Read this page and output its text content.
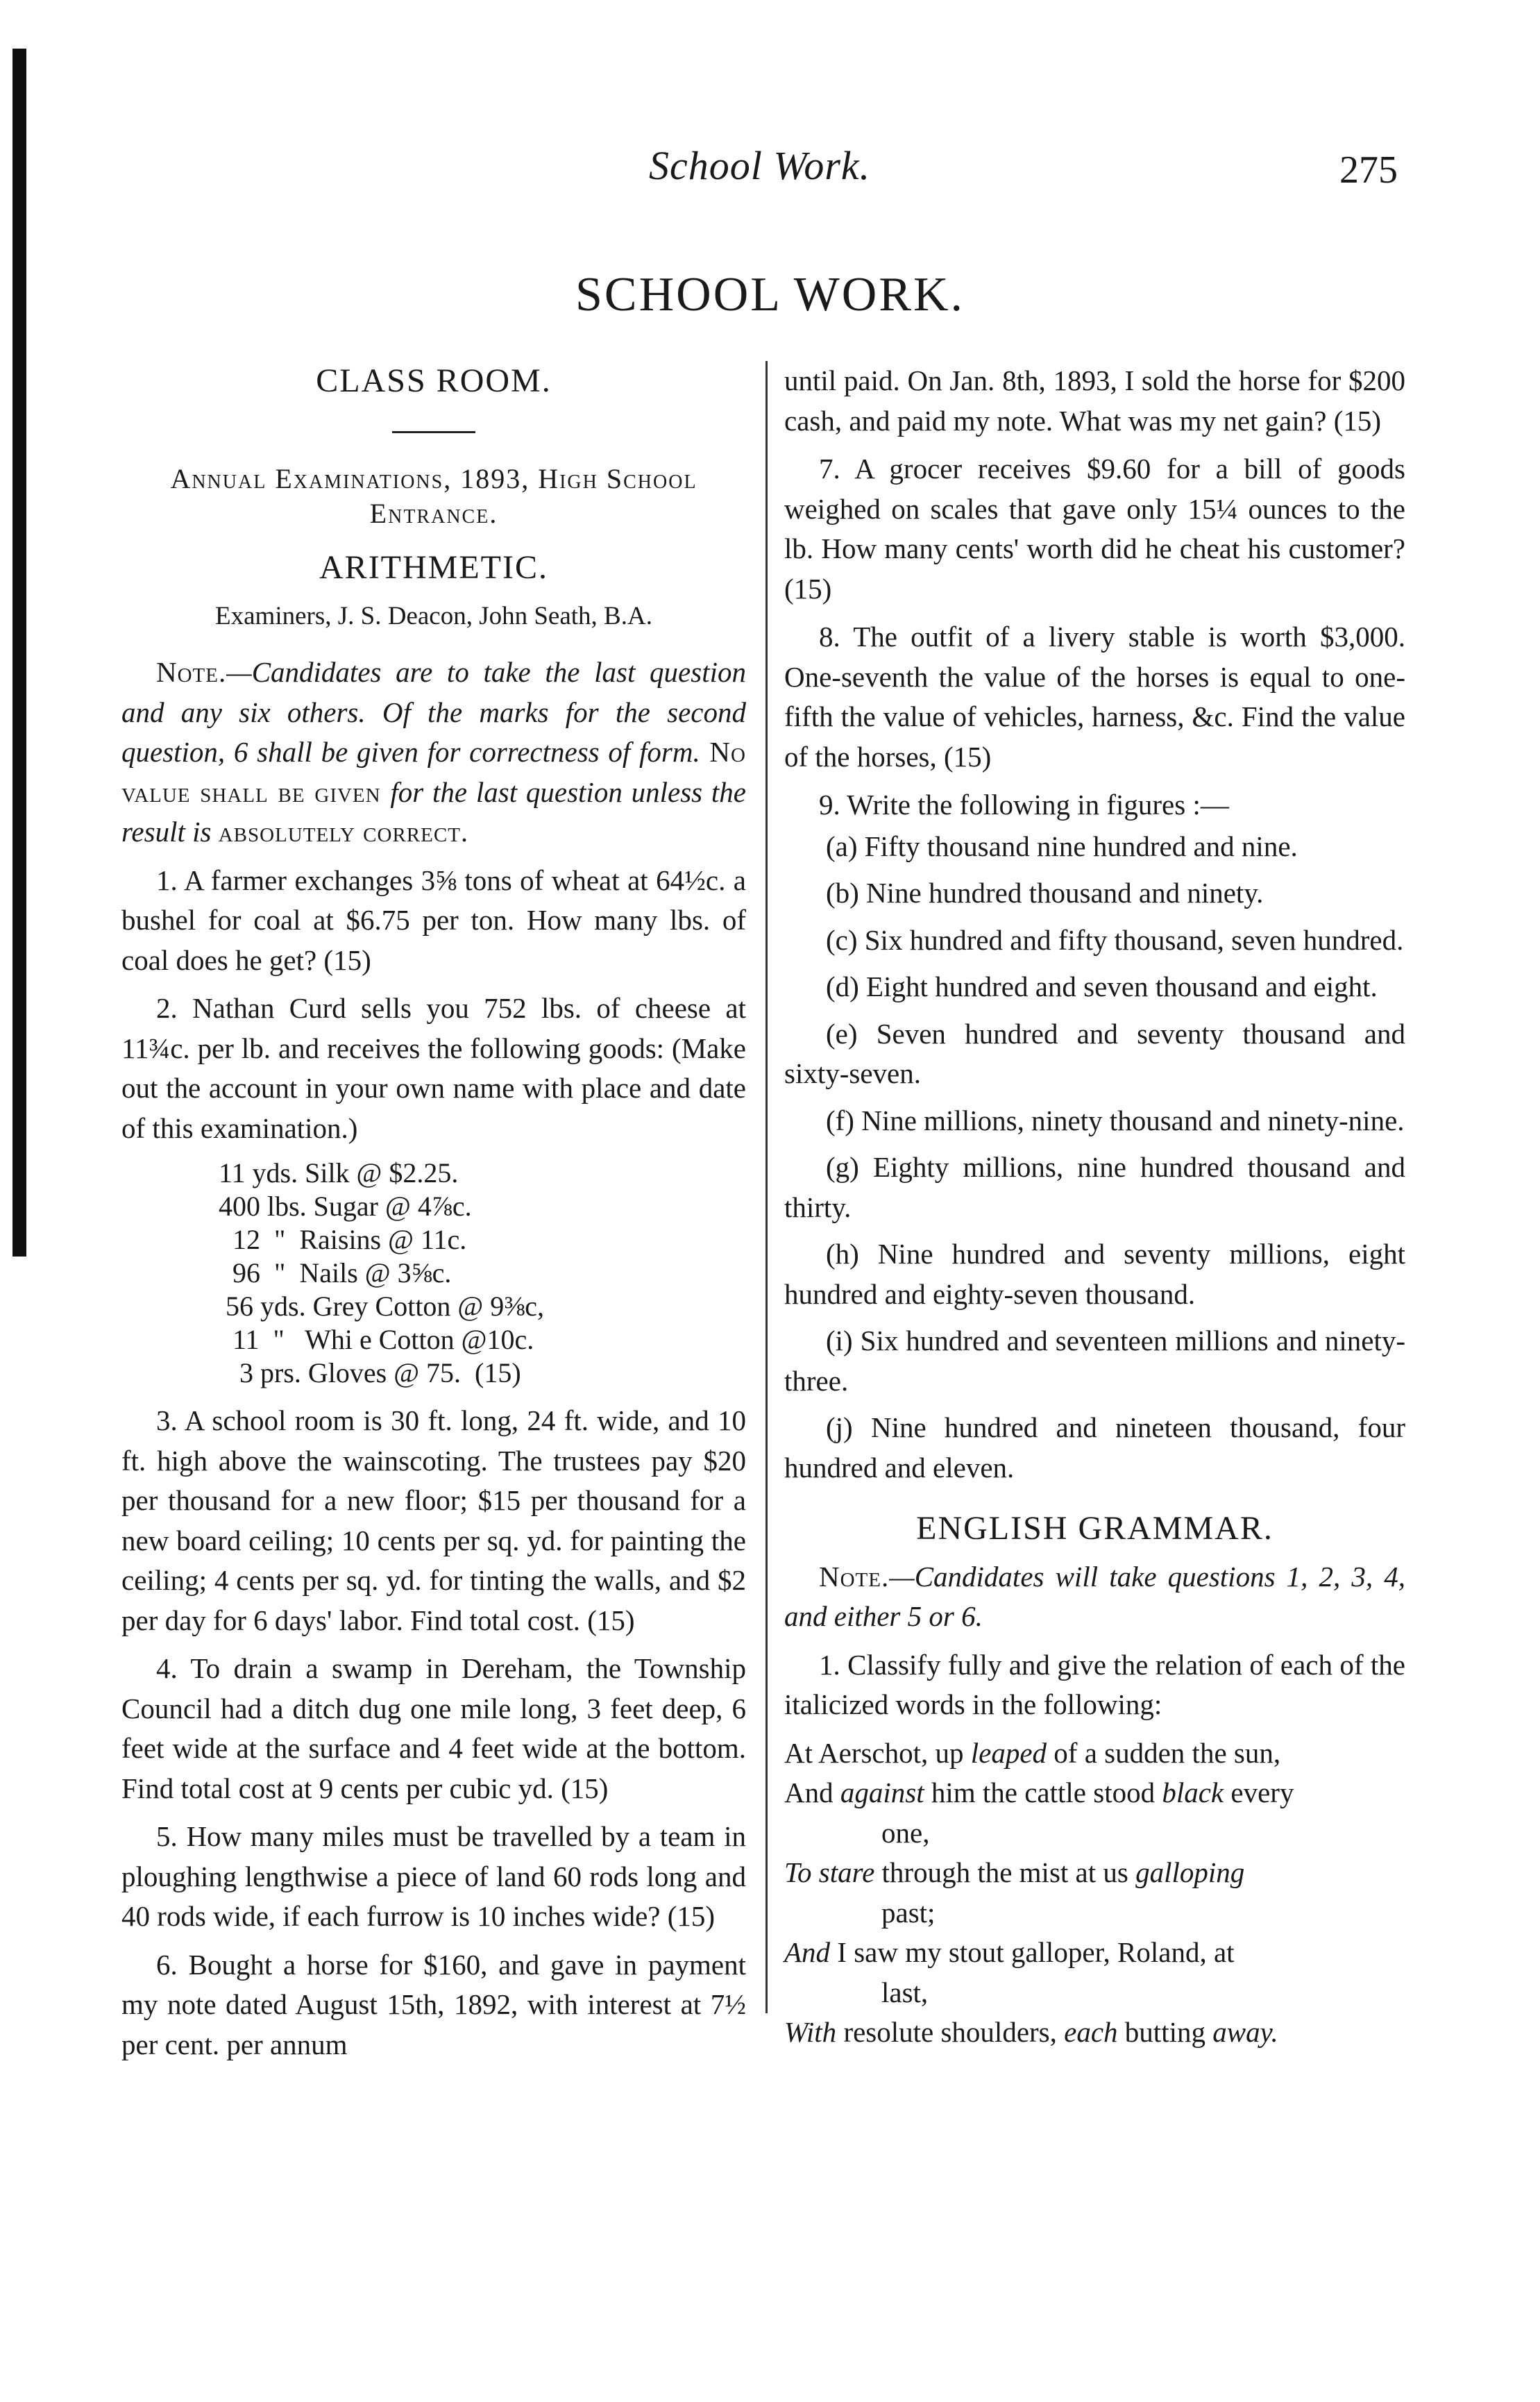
School Work.	275
SCHOOL WORK.
CLASS ROOM.
Annual Examinations, 1893, High School Entrance.
ARITHMETIC.
Examiners, J. S. Deacon, John Seath, B.A.

Note.—Candidates are to take the last question and any six others. Of the marks for the second question, 6 shall be given for correctness of form. No value shall be given for the last question unless the result is absolutely correct.

1. A farmer exchanges 3⅝ tons of wheat at 64½c. a bushel for coal at $6.75 per ton. How many lbs. of coal does he get? (15)

2. Nathan Curd sells you 752 lbs. of cheese at 11¾c. per lb. and receives the following goods: (Make out the account in your own name with place and date of this examination.)

11 yds. Silk @ $2.25.
400 lbs. Sugar @ 4⅞c.
12  "  Raisins @ 11c.
96  "  Nails @ 3⅝c.
56 yds. Grey Cotton @ 9⅜c,
11  "   Whi e Cotton @10c.
3 prs. Gloves @ 75.  (15)

3. A school room is 30 ft. long, 24 ft. wide, and 10 ft. high above the wainscoting. The trustees pay $20 per thousand for a new floor; $15 per thousand for a new board ceiling; 10 cents per sq. yd. for painting the ceiling; 4 cents per sq. yd. for tinting the walls, and $2 per day for 6 days' labor. Find total cost. (15)

4. To drain a swamp in Dereham, the Township Council had a ditch dug one mile long, 3 feet deep, 6 feet wide at the surface and 4 feet wide at the bottom. Find total cost at 9 cents per cubic yd. (15)

5. How many miles must be travelled by a team in ploughing lengthwise a piece of land 60 rods long and 40 rods wide, if each furrow is 10 inches wide? (15)

6. Bought a horse for $160, and gave in payment my note dated August 15th, 1892, with interest at 7½ per cent. per annum

until paid. On Jan. 8th, 1893, I sold the horse for $200 cash, and paid my note. What was my net gain? (15)

7. A grocer receives $9.60 for a bill of goods weighed on scales that gave only 15¼ ounces to the lb. How many cents' worth did he cheat his customer? (15)

8. The outfit of a livery stable is worth $3,000. One-seventh the value of the horses is equal to one-fifth the value of vehicles, harness, &c. Find the value of the horses, (15)

9. Write the following in figures :—

(a) Fifty thousand nine hundred and nine.

(b) Nine hundred thousand and ninety.

(c) Six hundred and fifty thousand, seven hundred.

(d) Eight hundred and seven thousand and eight.

(e) Seven hundred and seventy thousand and sixty-seven.

(f) Nine millions, ninety thousand and ninety-nine.

(g) Eighty millions, nine hundred thousand and thirty.

(h) Nine hundred and seventy millions, eight hundred and eighty-seven thousand.

(i) Six hundred and seventeen millions and ninety-three.

(j) Nine hundred and nineteen thousand, four hundred and eleven.

ENGLISH GRAMMAR.

Note.—Candidates will take questions 1, 2, 3, 4, and either 5 or 6.

1. Classify fully and give the relation of each of the italicized words in the following:

At Aerschot, up leaped of a sudden the sun,
And against him the cattle stood black every
one,
To stare through the mist at us galloping
past;
And I saw my stout galloper, Roland, at
last,
With resolute shoulders, each butting away.
